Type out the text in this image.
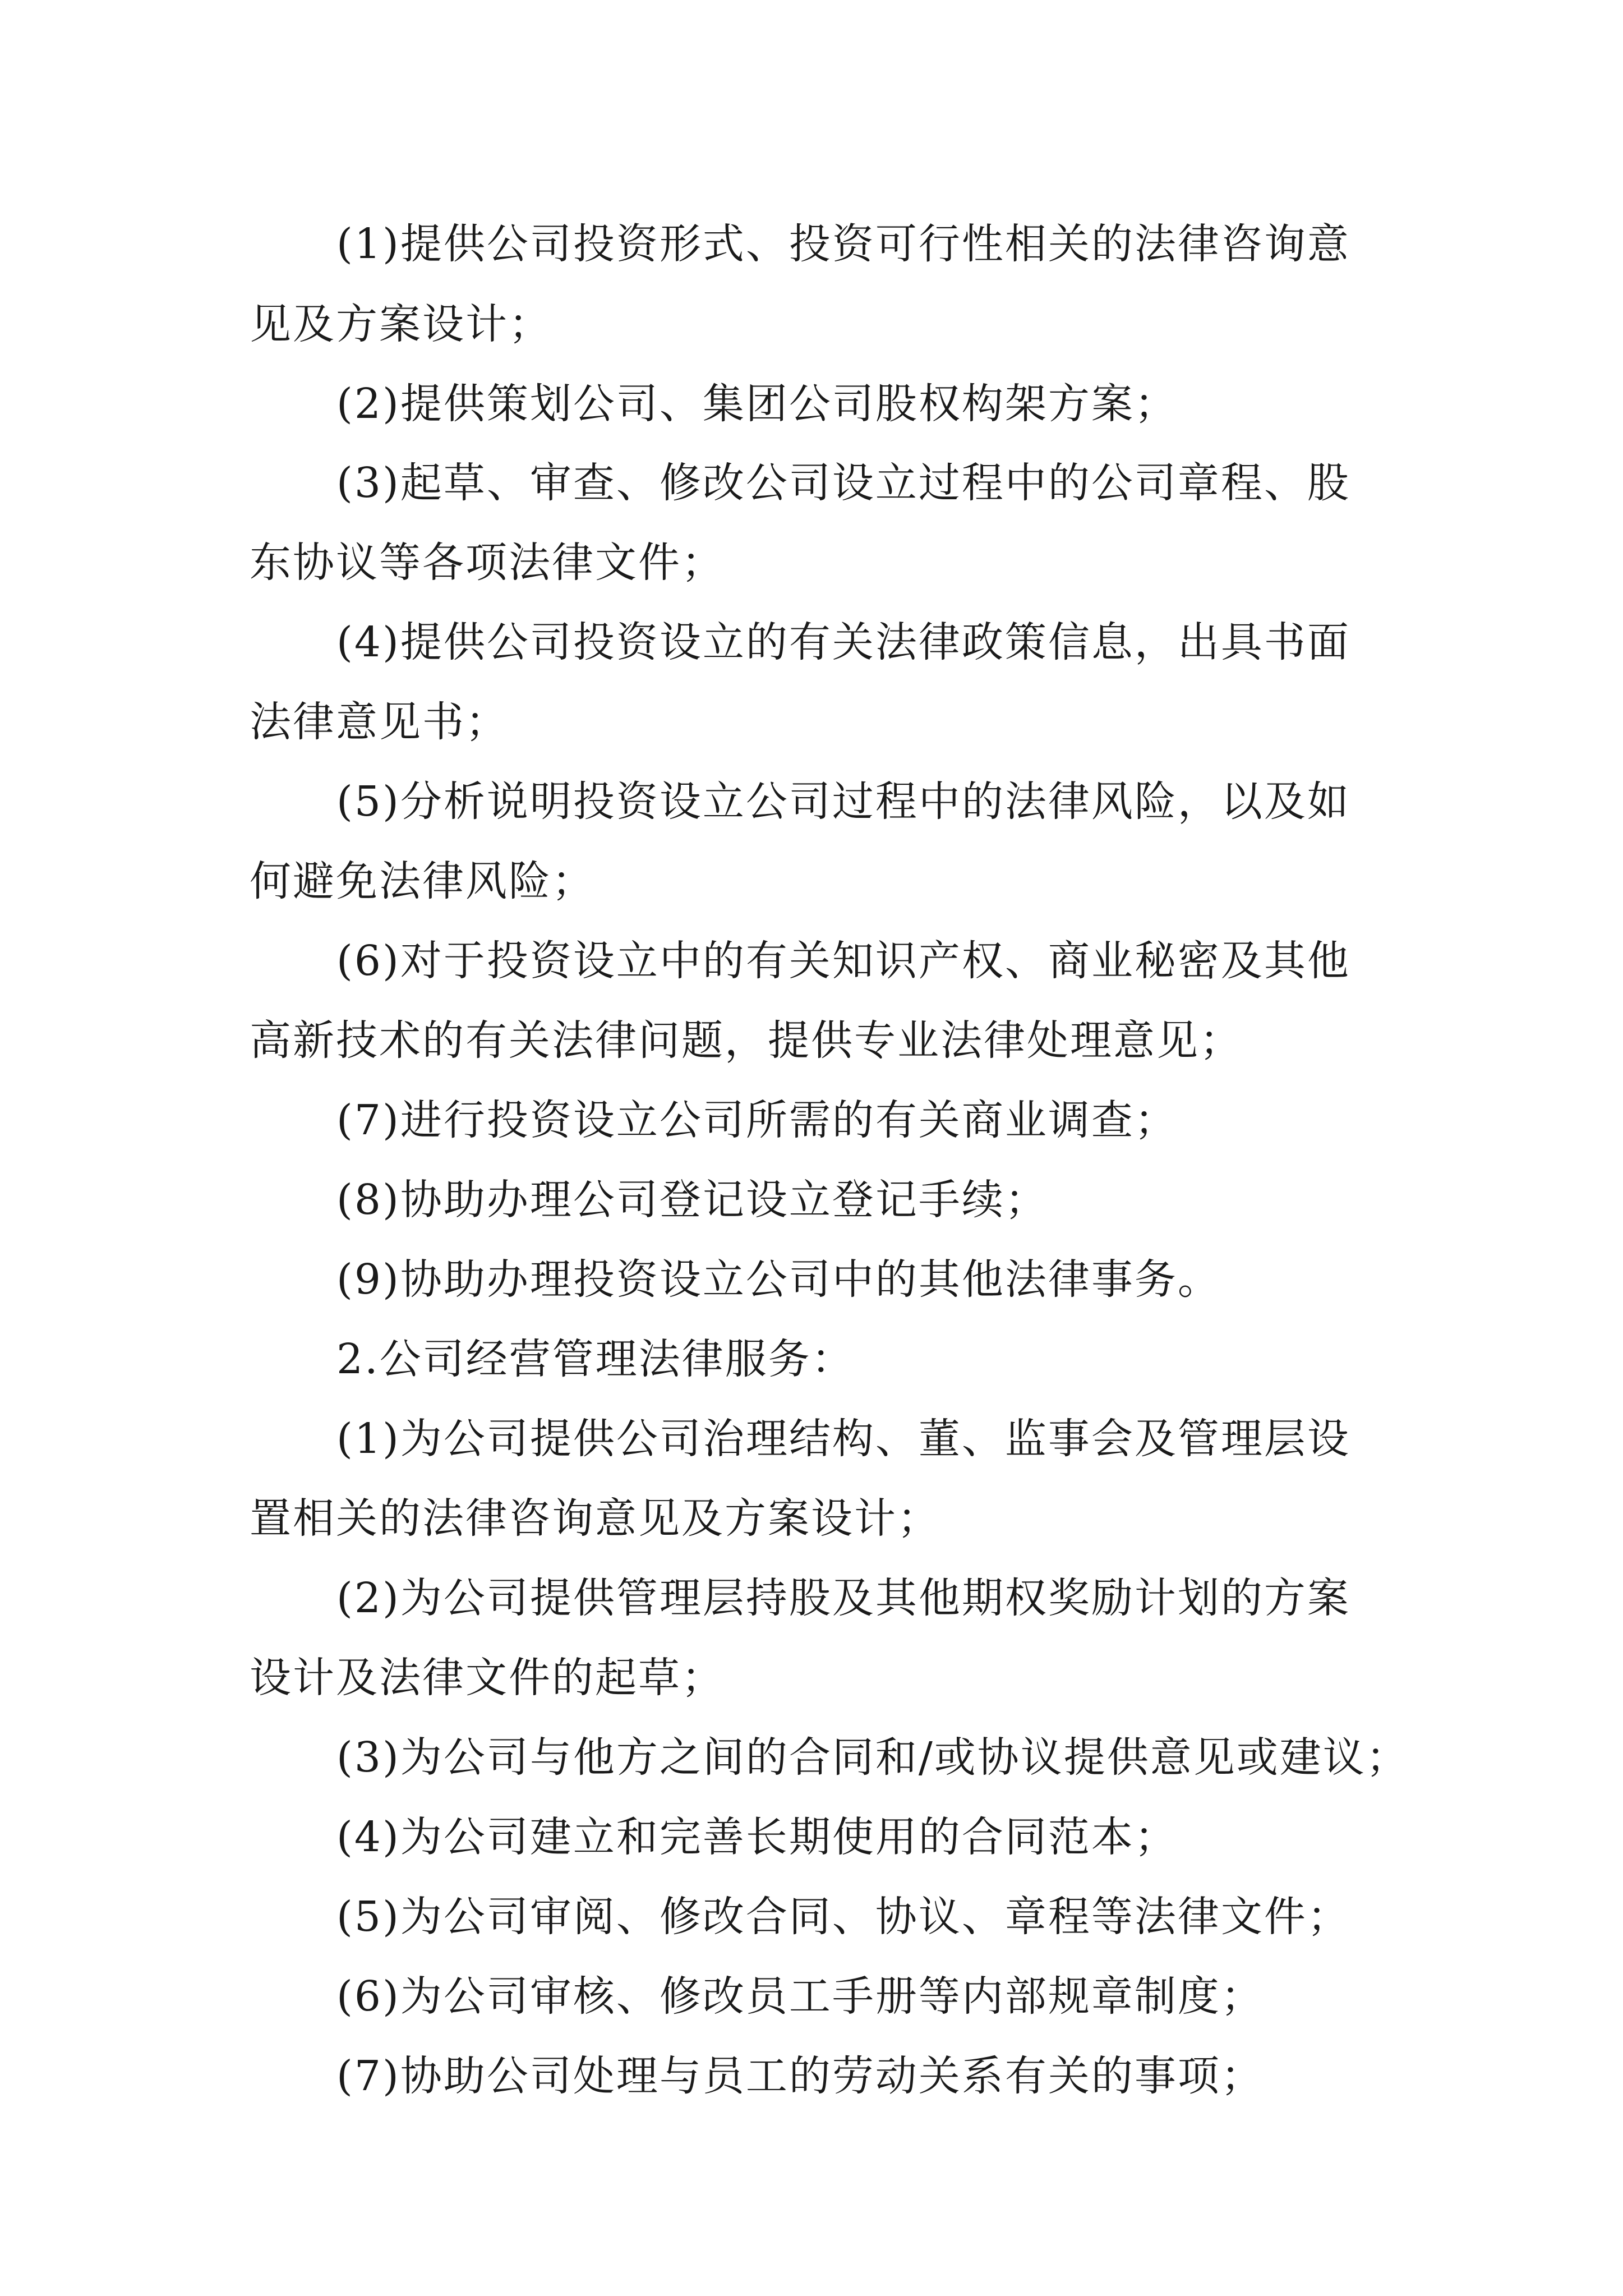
(1)提供公司投资形式、投资可行性相关的法律咨询意
见及方案设计；
(2)提供策划公司、集团公司股权构架方案；
(3)起草、审查、修改公司设立过程中的公司章程、股
东协议等各项法律文件；
(4)提供公司投资设立的有关法律政策信息，出具书面
法律意见书；
(5)分析说明投资设立公司过程中的法律风险，以及如
何避免法律风险；
(6)对于投资设立中的有关知识产权、商业秘密及其他
高新技术的有关法律问题，提供专业法律处理意见；
(7)进行投资设立公司所需的有关商业调查；
(8)协助办理公司登记设立登记手续；
(9)协助办理投资设立公司中的其他法律事务。
2.公司经营管理法律服务：
(1)为公司提供公司治理结构、董、监事会及管理层设
置相关的法律咨询意见及方案设计；
(2)为公司提供管理层持股及其他期权奖励计划的方案
设计及法律文件的起草；
(3)为公司与他方之间的合同和/或协议提供意见或建议；
(4)为公司建立和完善长期使用的合同范本；
(5)为公司审阅、修改合同、协议、章程等法律文件；
(6)为公司审核、修改员工手册等内部规章制度；
(7)协助公司处理与员工的劳动关系有关的事项；
